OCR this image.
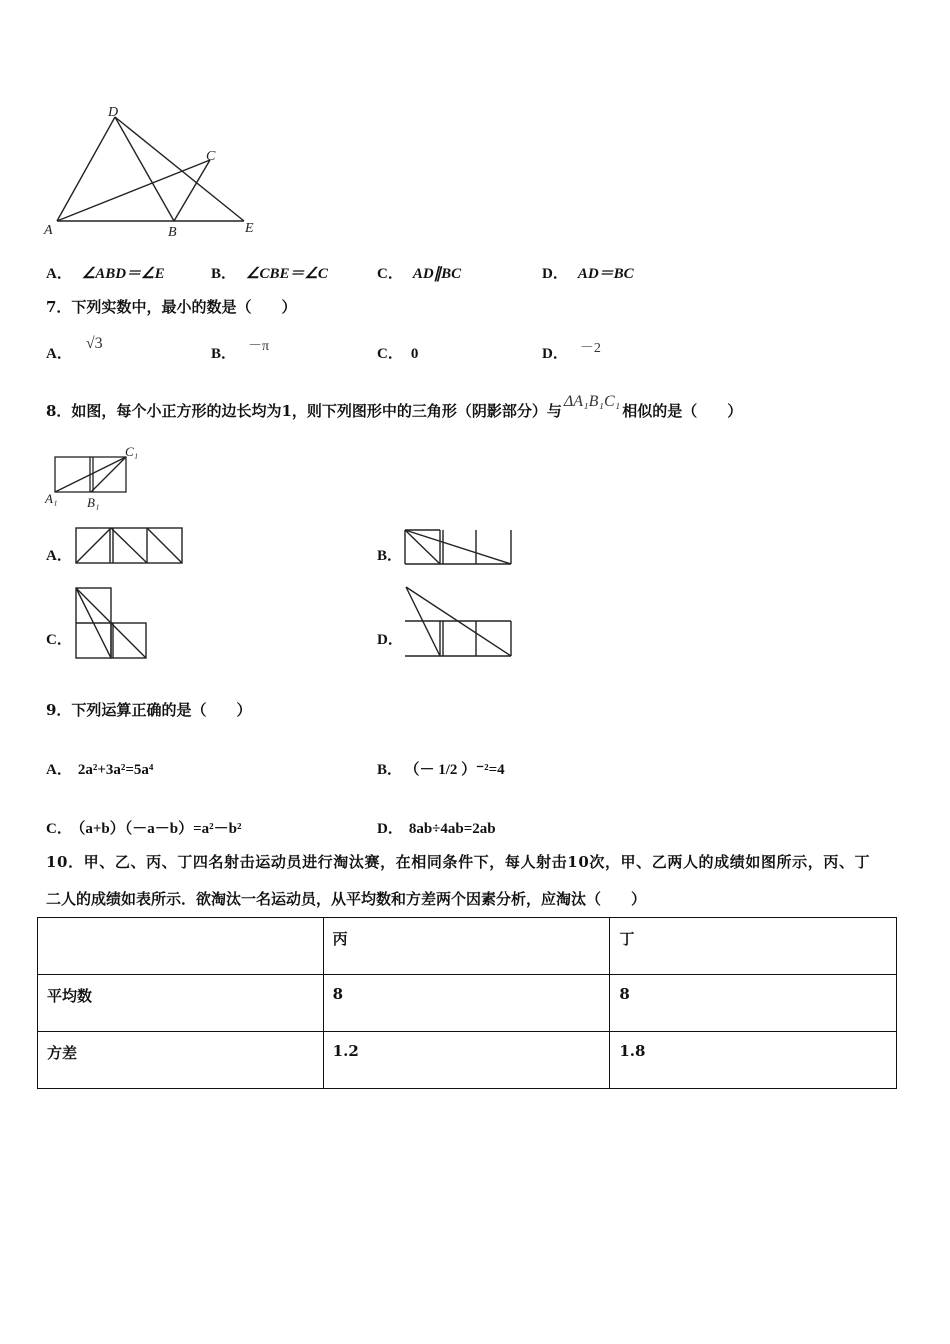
D
C
A	B	E
A． ∠ABD＝∠E	B． ∠CBE＝∠C	C． AD∥BC	D． AD＝BC
7．下列实数中，最小的数是（　　）
A．√3
B． －π	C． 0	D． －2
8．如图，每个小正方形的边长均为1，则下列图形中的三角形（阴影部分）与ΔA₁B₁C₁相似的是（　　）
C₁
A₁ B₁
A．	B．
C．	D．
9．下列运算正确的是（　　）
A． 2a²+3a²=5a⁴	B． （－ 1/2 ）⁻²=4
C． （a+b）（－a－b）=a²－b²	D． 8ab÷4ab=2ab
10．甲、乙、丙、丁四名射击运动员进行淘汰赛，在相同条件下，每人射击10次，甲、乙两人的成绩如图所示，丙、丁
二人的成绩如表所示．欲淘汰一名运动员，从平均数和方差两个因素分析，应淘汰（　　）
	丙	丁
平均数	8	8
方差	1.2	1.8
